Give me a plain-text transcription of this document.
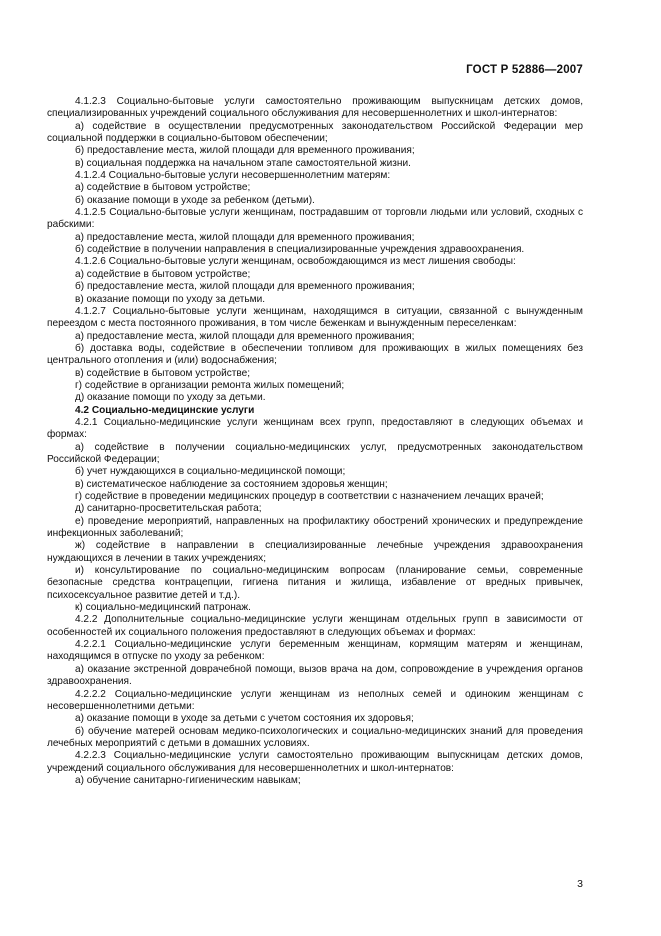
ГОСТ Р 52886—2007

4.1.2.3 Социально-бытовые услуги самостоятельно проживающим выпускницам детских домов, специализированных учреждений социального обслуживания для несовершеннолетних и школ-интернатов:

а) содействие в осуществлении предусмотренных законодательством Российской Федерации мер социальной поддержки в социально-бытовом обеспечении;

б) предоставление места, жилой площади для временного проживания;

в) социальная поддержка на начальном этапе самостоятельной жизни.

4.1.2.4 Социально-бытовые услуги несовершеннолетним матерям:

а) содействие в бытовом устройстве;

б) оказание помощи в уходе за ребенком (детьми).

4.1.2.5 Социально-бытовые услуги женщинам, пострадавшим от торговли людьми или условий, сходных с рабскими:

а) предоставление места, жилой площади для временного проживания;

б) содействие в получении направления в специализированные учреждения здравоохранения.

4.1.2.6 Социально-бытовые услуги женщинам, освобождающимся из мест лишения свободы:

а) содействие в бытовом устройстве;

б) предоставление места, жилой площади для временного проживания;

в) оказание помощи по уходу за детьми.

4.1.2.7 Социально-бытовые услуги женщинам, находящимся в ситуации, связанной с вынужденным переездом с места постоянного проживания, в том числе беженкам и вынужденным переселенкам:

а) предоставление места, жилой площади для временного проживания;

б) доставка воды, содействие в обеспечении топливом для проживающих в жилых помещениях без центрального отопления и (или) водоснабжения;

в) содействие в бытовом устройстве;

г) содействие в организации ремонта жилых помещений;

д) оказание помощи по уходу за детьми.

4.2 Социально-медицинские услуги

4.2.1 Социально-медицинские услуги женщинам всех групп, предоставляют в следующих объемах и формах:

а) содействие в получении социально-медицинских услуг, предусмотренных законодательством Российской Федерации;

б) учет нуждающихся в социально-медицинской помощи;

в) систематическое наблюдение за состоянием здоровья женщин;

г) содействие в проведении медицинских процедур в соответствии с назначением лечащих врачей;

д) санитарно-просветительская работа;

е) проведение мероприятий, направленных на профилактику обострений хронических и предупреждение инфекционных заболеваний;

ж) содействие в направлении в специализированные лечебные учреждения здравоохранения нуждающихся в лечении в таких учреждениях;

и) консультирование по социально-медицинским вопросам (планирование семьи, современные безопасные средства контрацепции, гигиена питания и жилища, избавление от вредных привычек, психосексуальное развитие детей и т.д.).

к) социально-медицинский патронаж.

4.2.2 Дополнительные социально-медицинские услуги женщинам отдельных групп в зависимости от особенностей их социального положения предоставляют в следующих объемах и формах:

4.2.2.1 Социально-медицинские услуги беременным женщинам, кормящим матерям и женщинам, находящимся в отпуске по уходу за ребенком:

а) оказание экстренной доврачебной помощи, вызов врача на дом, сопровождение в учреждения органов здравоохранения.

4.2.2.2 Социально-медицинские услуги женщинам из неполных семей и одиноким женщинам с несовершеннолетними детьми:

а) оказание помощи в уходе за детьми с учетом состояния их здоровья;

б) обучение матерей основам медико-психологических и социально-медицинских знаний для проведения лечебных мероприятий с детьми в домашних условиях.

4.2.2.3 Социально-медицинские услуги самостоятельно проживающим выпускницам детских домов, учреждений социального обслуживания для несовершеннолетних и школ-интернатов:

а) обучение санитарно-гигиеническим навыкам;

3
